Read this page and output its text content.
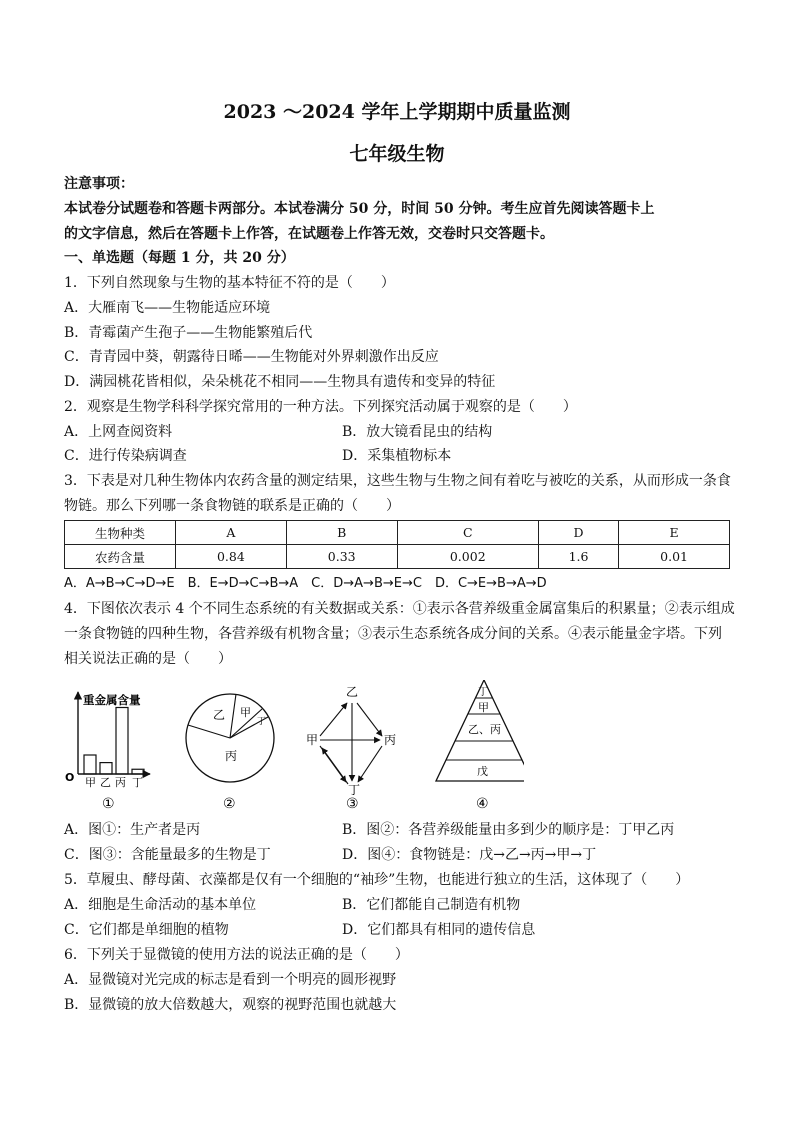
2023 ～2024 学年上学期期中质量监测
七年级生物
注意事项：
本试卷分试题卷和答题卡两部分。本试卷满分 50 分，时间 50 分钟。考生应首先阅读答题卡上
的文字信息，然后在答题卡上作答，在试题卷上作答无效，交卷时只交答题卡。
一、单选题（每题 1 分，共 20 分）
1．下列自然现象与生物的基本特征不符的是（　　）
A．大雁南飞——生物能适应环境
B．青霉菌产生孢子——生物能繁殖后代
C．青青园中葵，朝露待日晞——生物能对外界刺激作出反应
D．满园桃花皆相似，朵朵桃花不相同——生物具有遗传和变异的特征
2．观察是生物学科科学探究常用的一种方法。下列探究活动属于观察的是（　　）
A．上网查阅资料	B．放大镜看昆虫的结构
C．进行传染病调查	D．采集植物标本
3．下表是对几种生物体内农药含量的测定结果，这些生物与生物之间有着吃与被吃的关系，从而形成一条食
物链。那么下列哪一条食物链的联系是正确的（　　）
生物种类	A	B	C	D	E
农药含量	0.84	0.33	0.002	1.6	0.01
A．A→B→C→D→E　B．E→D→C→B→A　C．D→A→B→E→C　D．C→E→B→A→D
4．下图依次表示 4 个不同生态系统的有关数据或关系：①表示各营养级重金属富集后的积累量；②表示组成
一条食物链的四种生物，各营养级有机物含量；③表示生态系统各成分间的关系。④表示能量金字塔。下列
相关说法正确的是（　　）
重金属含量
O 甲 乙 丙 丁
①
乙 甲
丁
丙
②
乙
甲	丙
丁
③
丁
甲
乙、丙
戊
④
A．图①：生产者是丙	B．图②：各营养级能量由多到少的顺序是：丁甲乙丙
C．图③：含能量最多的生物是丁	D．图④：食物链是：戊→乙→丙→甲→丁
5．草履虫、酵母菌、衣藻都是仅有一个细胞的“袖珍”生物，也能进行独立的生活，这体现了（　　）
A．细胞是生命活动的基本单位	B．它们都能自己制造有机物
C．它们都是单细胞的植物	D．它们都具有相同的遗传信息
6．下列关于显微镜的使用方法的说法正确的是（　　）
A．显微镜对光完成的标志是看到一个明亮的圆形视野
B．显微镜的放大倍数越大，观察的视野范围也就越大
